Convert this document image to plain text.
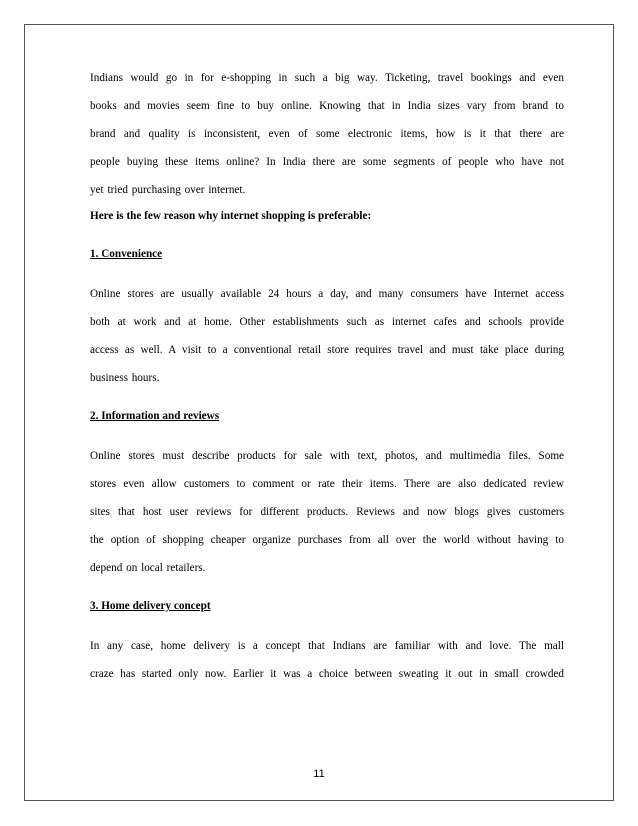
Indians would go in for e-shopping in such a big way. Ticketing, travel bookings and even
books and movies seem fine to buy online. Knowing that in India sizes vary from brand to
brand and quality is inconsistent, even of some electronic items, how is it that there are
people buying these items online? In India there are some segments of people who have not
yet tried purchasing over internet.

Here is the few reason why internet shopping is preferable:

1. Convenience

Online stores are usually available 24 hours a day, and many consumers have Internet access
both at work and at home. Other establishments such as internet cafes and schools provide
access as well. A visit to a conventional retail store requires travel and must take place during
business hours.

2. Information and reviews

Online stores must describe products for sale with text, photos, and multimedia files. Some
stores even allow customers to comment or rate their items. There are also dedicated review
sites that host user reviews for different products. Reviews and now blogs gives customers
the option of shopping cheaper organize purchases from all over the world without having to
depend on local retailers.

3. Home delivery concept

In any case, home delivery is a concept that Indians are familiar with and love. The mall
craze has started only now. Earlier it was a choice between sweating it out in small crowded
11
